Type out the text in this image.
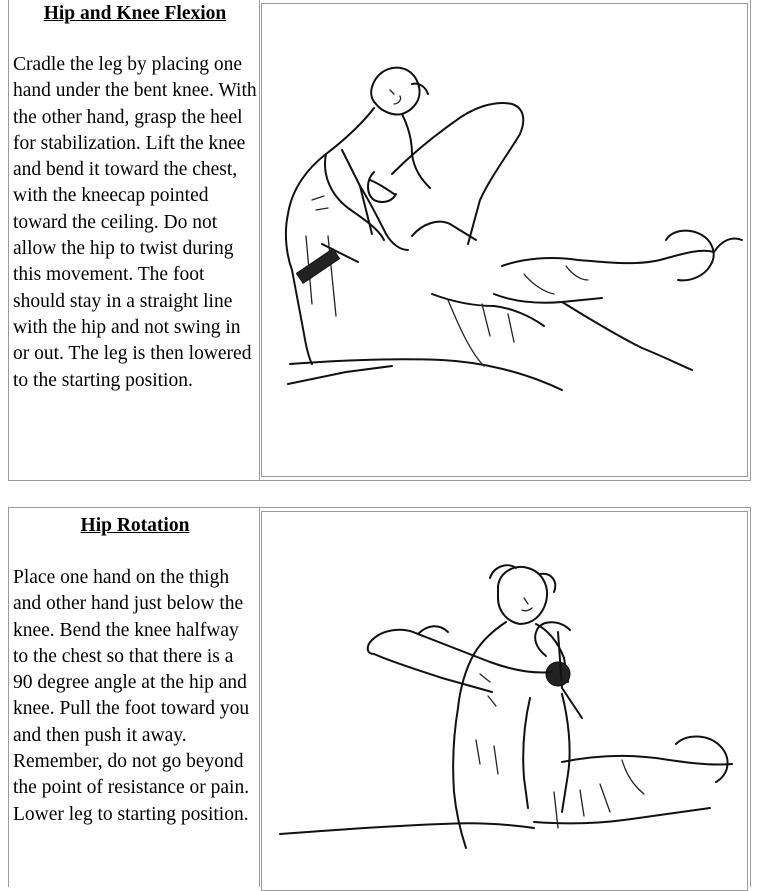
Hip and Knee Flexion

Cradle the leg by placing one hand under the bent knee. With the other hand, grasp the heel for stabilization. Lift the knee and bend it toward the chest, with the kneecap pointed toward the ceiling. Do not allow the hip to twist during this movement. The foot should stay in a straight line with the hip and not swing in or out. The leg is then lowered to the starting position.

Hip Rotation

Place one hand on the thigh and other hand just below the knee. Bend the knee halfway to the chest so that there is a 90 degree angle at the hip and knee. Pull the foot toward you and then push it away. Remember, do not go beyond the point of resistance or pain. Lower leg to starting position.
